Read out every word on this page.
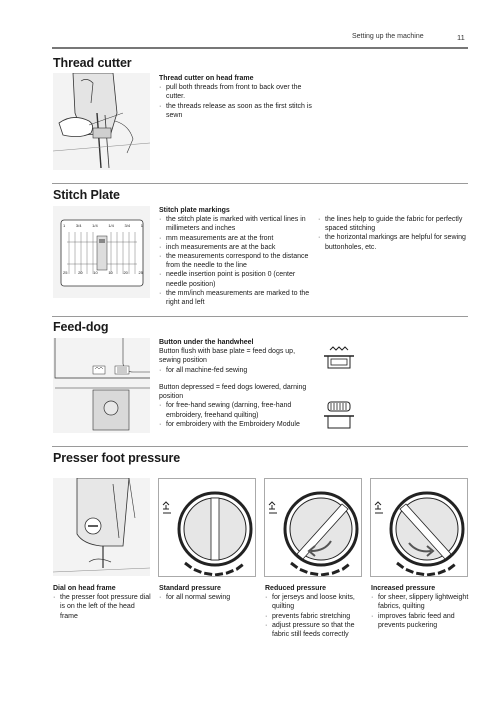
Setting up the machine	11
Thread cutter
Thread cutter on head frame
· pull both threads from front to back over the cutter.
· the threads release as soon as the first stitch is sewn
Stitch Plate
1	3/4	1/4	1/4	3/4	1
25	20	10	10	20	25
Stitch plate markings
· the stitch plate is marked with vertical lines in millimeters and inches
· mm measurements are at the front
· inch measurements are at the back
· the measurements correspond to the distance from the needle to the line
· needle insertion point is position 0 (center needle position)
· the mm/inch measurements are marked to the right and left
· the lines help to guide the fabric for perfectly spaced stitching
· the horizontal markings are helpful for sewing buttonholes, etc.
Feed-dog
Button under the handwheel

Button flush with base plate = feed dogs up, sewing position

· for all machine-fed sewing

Button depressed = feed dogs lowered, darning position

· for free-hand sewing (darning, free-hand embroidery, freehand quilting)
· for embroidery with the Embroidery Module
Presser foot pressure
Dial on head frame
· the presser foot pressure dial is on the left of the head frame
Standard pressure
· for all normal sewing
Reduced pressure
· for jerseys and loose knits, quilting
· prevents fabric stretching
· adjust pressure so that the fabric still feeds correctly
Increased pressure
· for sheer, slippery lightweight fabrics, quilting
· improves fabric feed and prevents puckering
